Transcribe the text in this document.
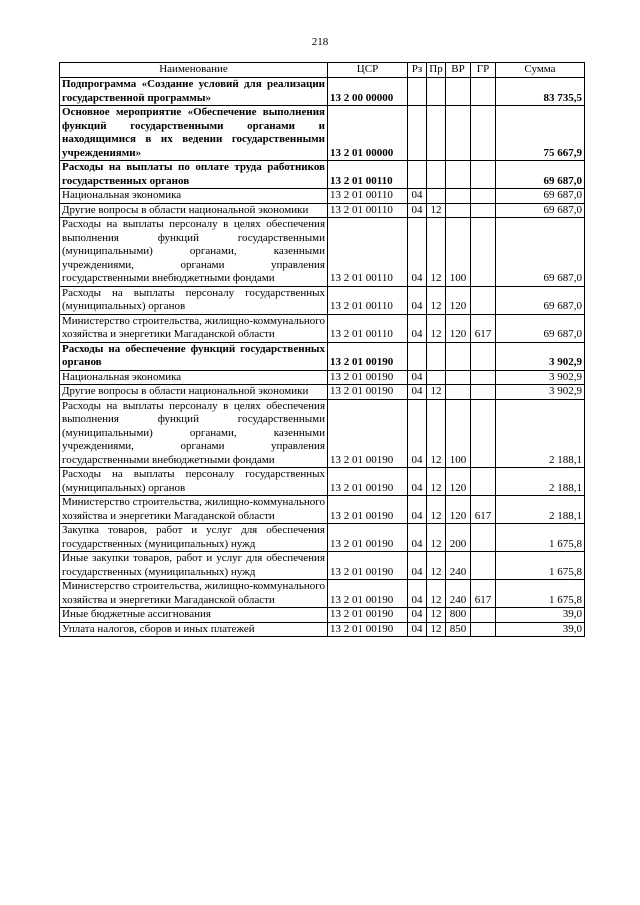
218
Наименование	ЦСР	Рз	Пр	ВР	ГР	Сумма
Подпрограмма «Создание условий для реализации государственной программы»	13 2 00 00000					83 735,5
Основное мероприятие «Обеспечение выполнения функций государственными органами и находящимися в их ведении государственными учреждениями»	13 2 01 00000					75 667,9
Расходы на выплаты по оплате труда работников государственных органов	13 2 01 00110					69 687,0
Национальная экономика	13 2 01 00110	04				69 687,0
Другие вопросы в области национальной экономики	13 2 01 00110	04	12			69 687,0
Расходы на выплаты персоналу в целях обеспечения выполнения функций государственными (муниципальными) органами, казенными учреждениями, органами управления государственными внебюджетными фондами	13 2 01 00110	04	12	100		69 687,0
Расходы на выплаты персоналу государственных (муниципальных) органов	13 2 01 00110	04	12	120		69 687,0
Министерство строительства, жилищно-коммунального хозяйства и энергетики Магаданской области	13 2 01 00110	04	12	120	617	69 687,0
Расходы на обеспечение функций государственных органов	13 2 01 00190					3 902,9
Национальная экономика	13 2 01 00190	04				3 902,9
Другие вопросы в области национальной экономики	13 2 01 00190	04	12			3 902,9
Расходы на выплаты персоналу в целях обеспечения выполнения функций государственными (муниципальными) органами, казенными учреждениями, органами управления государственными внебюджетными фондами	13 2 01 00190	04	12	100		2 188,1
Расходы на выплаты персоналу государственных (муниципальных) органов	13 2 01 00190	04	12	120		2 188,1
Министерство строительства, жилищно-коммунального хозяйства и энергетики Магаданской области	13 2 01 00190	04	12	120	617	2 188,1
Закупка товаров, работ и услуг для обеспечения государственных (муниципальных) нужд	13 2 01 00190	04	12	200		1 675,8
Иные закупки товаров, работ и услуг для обеспечения государственных (муниципальных) нужд	13 2 01 00190	04	12	240		1 675,8
Министерство строительства, жилищно-коммунального хозяйства и энергетики Магаданской области	13 2 01 00190	04	12	240	617	1 675,8
Иные бюджетные ассигнования	13 2 01 00190	04	12	800		39,0
Уплата налогов, сборов и иных платежей	13 2 01 00190	04	12	850		39,0
